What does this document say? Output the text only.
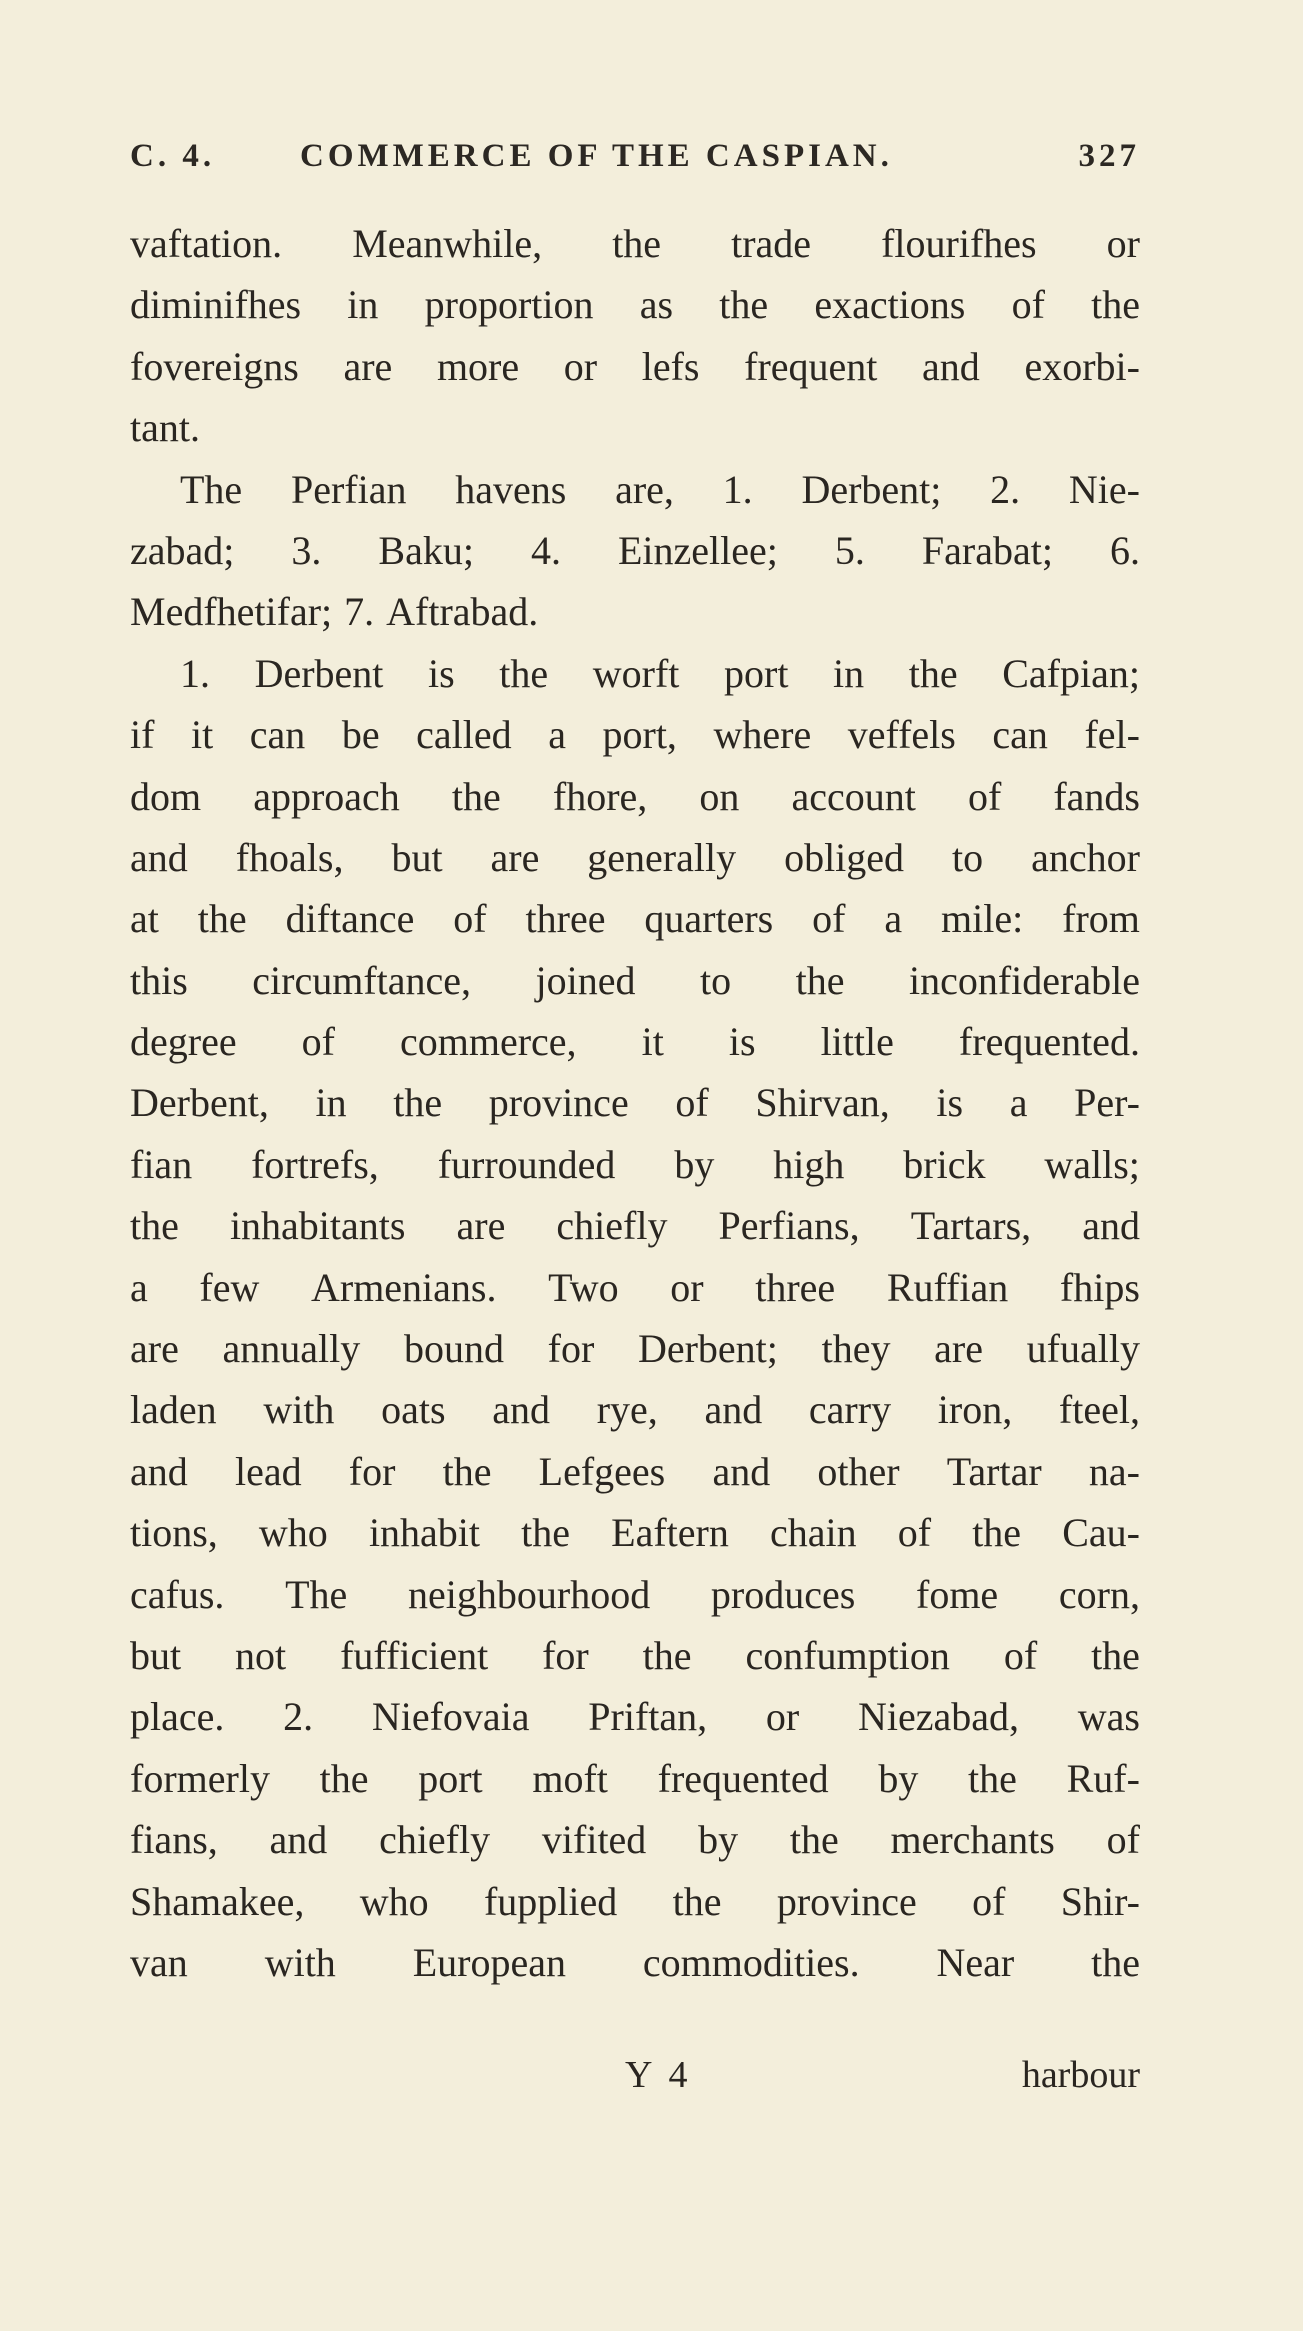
C. 4.	COMMERCE OF THE CASPIAN.	327
vaftation. Meanwhile, the trade flourifhes or
diminifhes in proportion as the exactions of the
fovereigns are more or lefs frequent and exorbi-
tant.
The Perfian havens are, 1. Derbent; 2. Nie-
zabad; 3. Baku; 4. Einzellee; 5. Farabat; 6.
Medfhetifar; 7. Aftrabad.
1. Derbent is the worft port in the Cafpian;
if it can be called a port, where veffels can fel-
dom approach the fhore, on account of fands
and fhoals, but are generally obliged to anchor
at the diftance of three quarters of a mile: from
this circumftance, joined to the inconfiderable
degree of commerce, it is little frequented.
Derbent, in the province of Shirvan, is a Per-
fian fortrefs, furrounded by high brick walls;
the inhabitants are chiefly Perfians, Tartars, and
a few Armenians. Two or three Ruffian fhips
are annually bound for Derbent; they are ufually
laden with oats and rye, and carry iron, fteel,
and lead for the Lefgees and other Tartar na-
tions, who inhabit the Eaftern chain of the Cau-
cafus. The neighbourhood produces fome corn,
but not fufficient for the confumption of the
place. 2. Niefovaia Priftan, or Niezabad, was
formerly the port moft frequented by the Ruf-
fians, and chiefly vifited by the merchants of
Shamakee, who fupplied the province of Shir-
van with European commodities. Near the
Y 4	harbour
